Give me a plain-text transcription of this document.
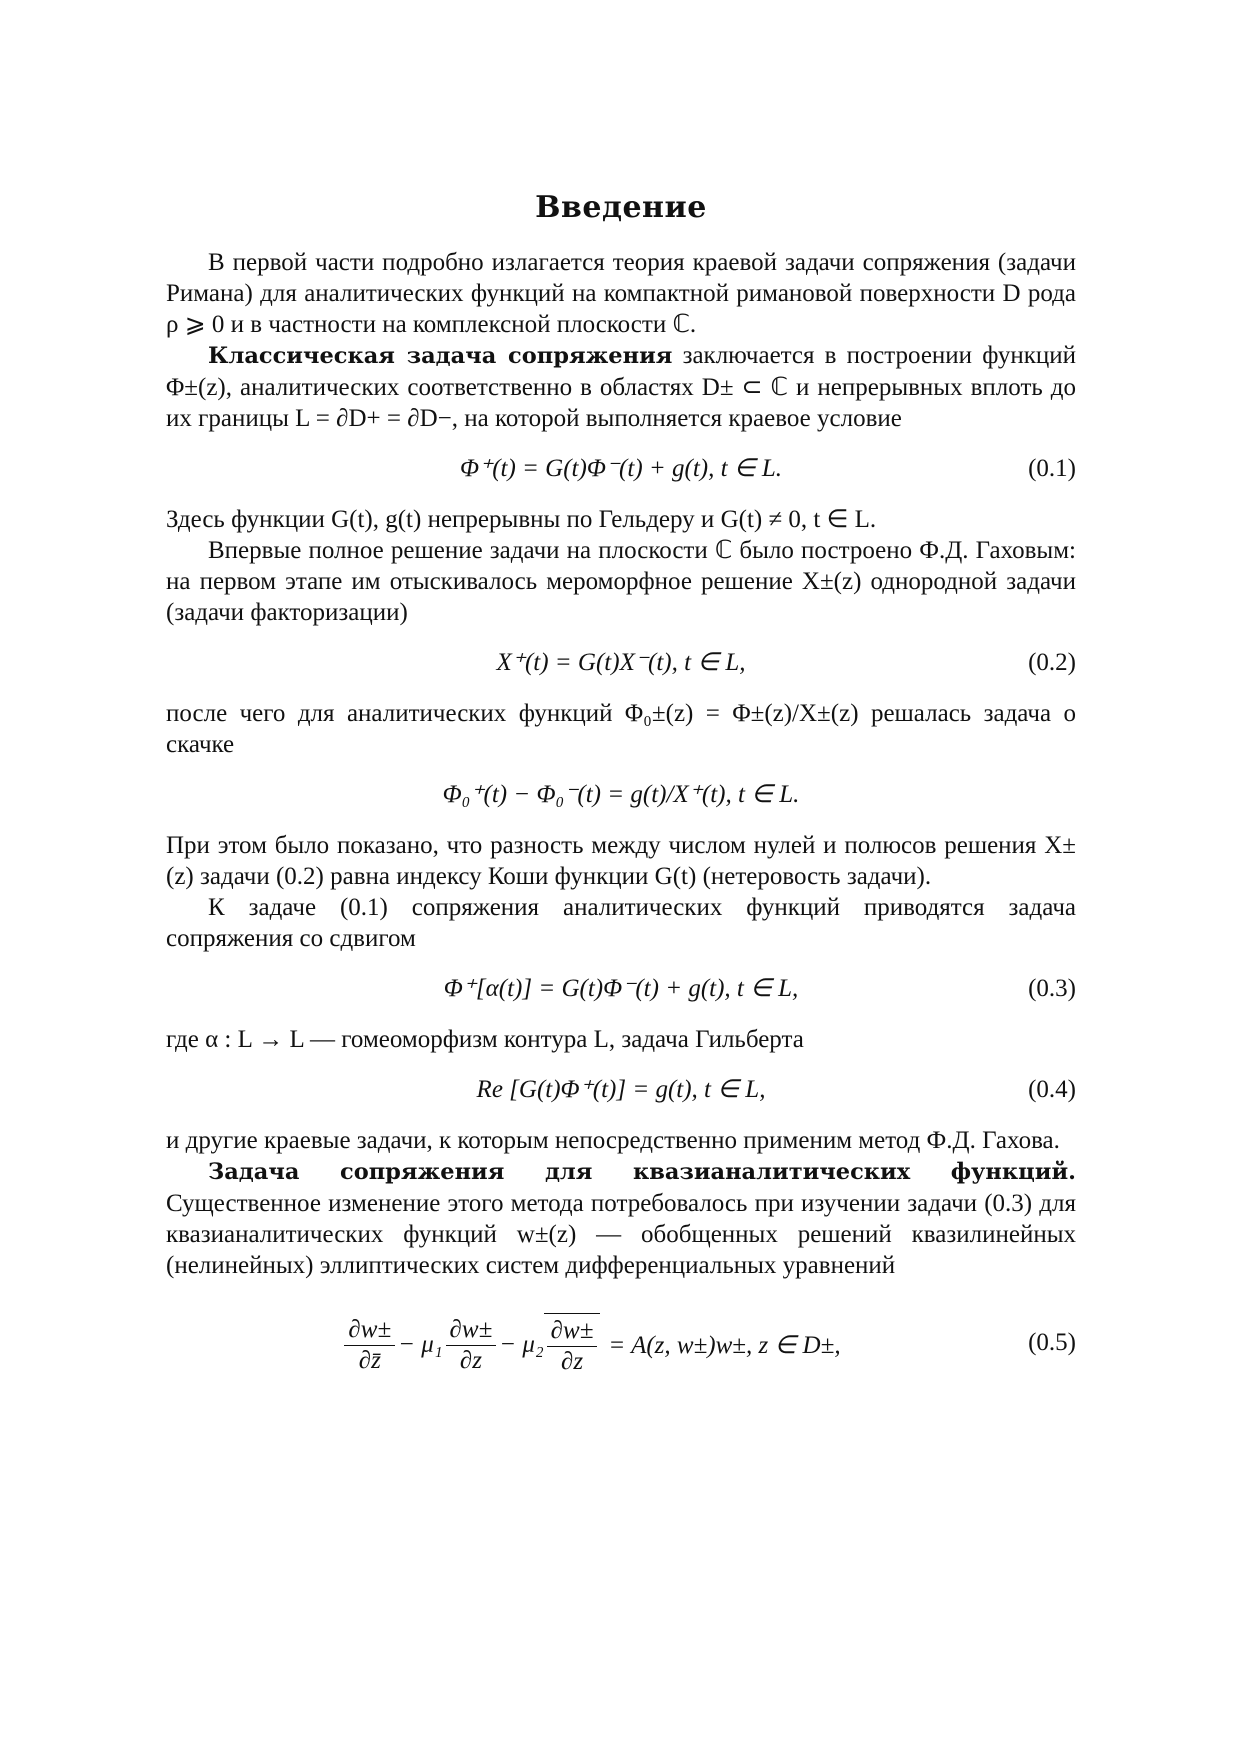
Введение

В первой части подробно излагается теория краевой задачи сопряжения (задачи Римана) для аналитических функций на компактной римановой поверхности D рода ρ ⩾ 0 и в частности на комплексной плоскости ℂ.

Классическая задача сопряжения заключается в построении функций Φ±(z), аналитических соответственно в областях D± ⊂ ℂ и непрерывных вплоть до их границы L = ∂D+ = ∂D−, на которой выполняется краевое условие

Φ⁺(t) = G(t)Φ⁻(t) + g(t), t ∈ L.	(0.1)

Здесь функции G(t), g(t) непрерывны по Гельдеру и G(t) ≠ 0, t ∈ L.

Впервые полное решение задачи на плоскости ℂ было построено Ф.Д. Гаховым: на первом этапе им отыскивалось мероморфное решение X±(z) однородной задачи (задачи факторизации)

X⁺(t) = G(t)X⁻(t), t ∈ L,	(0.2)

после чего для аналитических функций Φ₀±(z) = Φ±(z)/X±(z) решалась задача о скачке

Φ₀⁺(t) − Φ₀⁻(t) = g(t)/X⁺(t), t ∈ L.

При этом было показано, что разность между числом нулей и полюсов решения X±(z) задачи (0.2) равна индексу Коши функции G(t) (нетеровость задачи).

К задаче (0.1) сопряжения аналитических функций приводятся задача сопряжения со сдвигом

Φ⁺[α(t)] = G(t)Φ⁻(t) + g(t), t ∈ L,	(0.3)

где α : L → L — гомеоморфизм контура L, задача Гильберта

Re [G(t)Φ⁺(t)] = g(t), t ∈ L,	(0.4)

и другие краевые задачи, к которым непосредственно применим метод Ф.Д. Гахова.

Задача сопряжения для квазианалитических функций. Существенное изменение этого метода потребовалось при изучении задачи (0.3) для квазианалитических функций w±(z) — обобщенных решений квазилинейных (нелинейных) эллиптических систем дифференциальных уравнений

$\frac{\partial w\pm}{\partial z̄} - \mu_1 \frac{\partial w\pm}{\partial z} - \mu_2 \frac{\partial w\pm}{\partial z} = A(z$, w±)w±, z ∈ D±,	(0.5)
